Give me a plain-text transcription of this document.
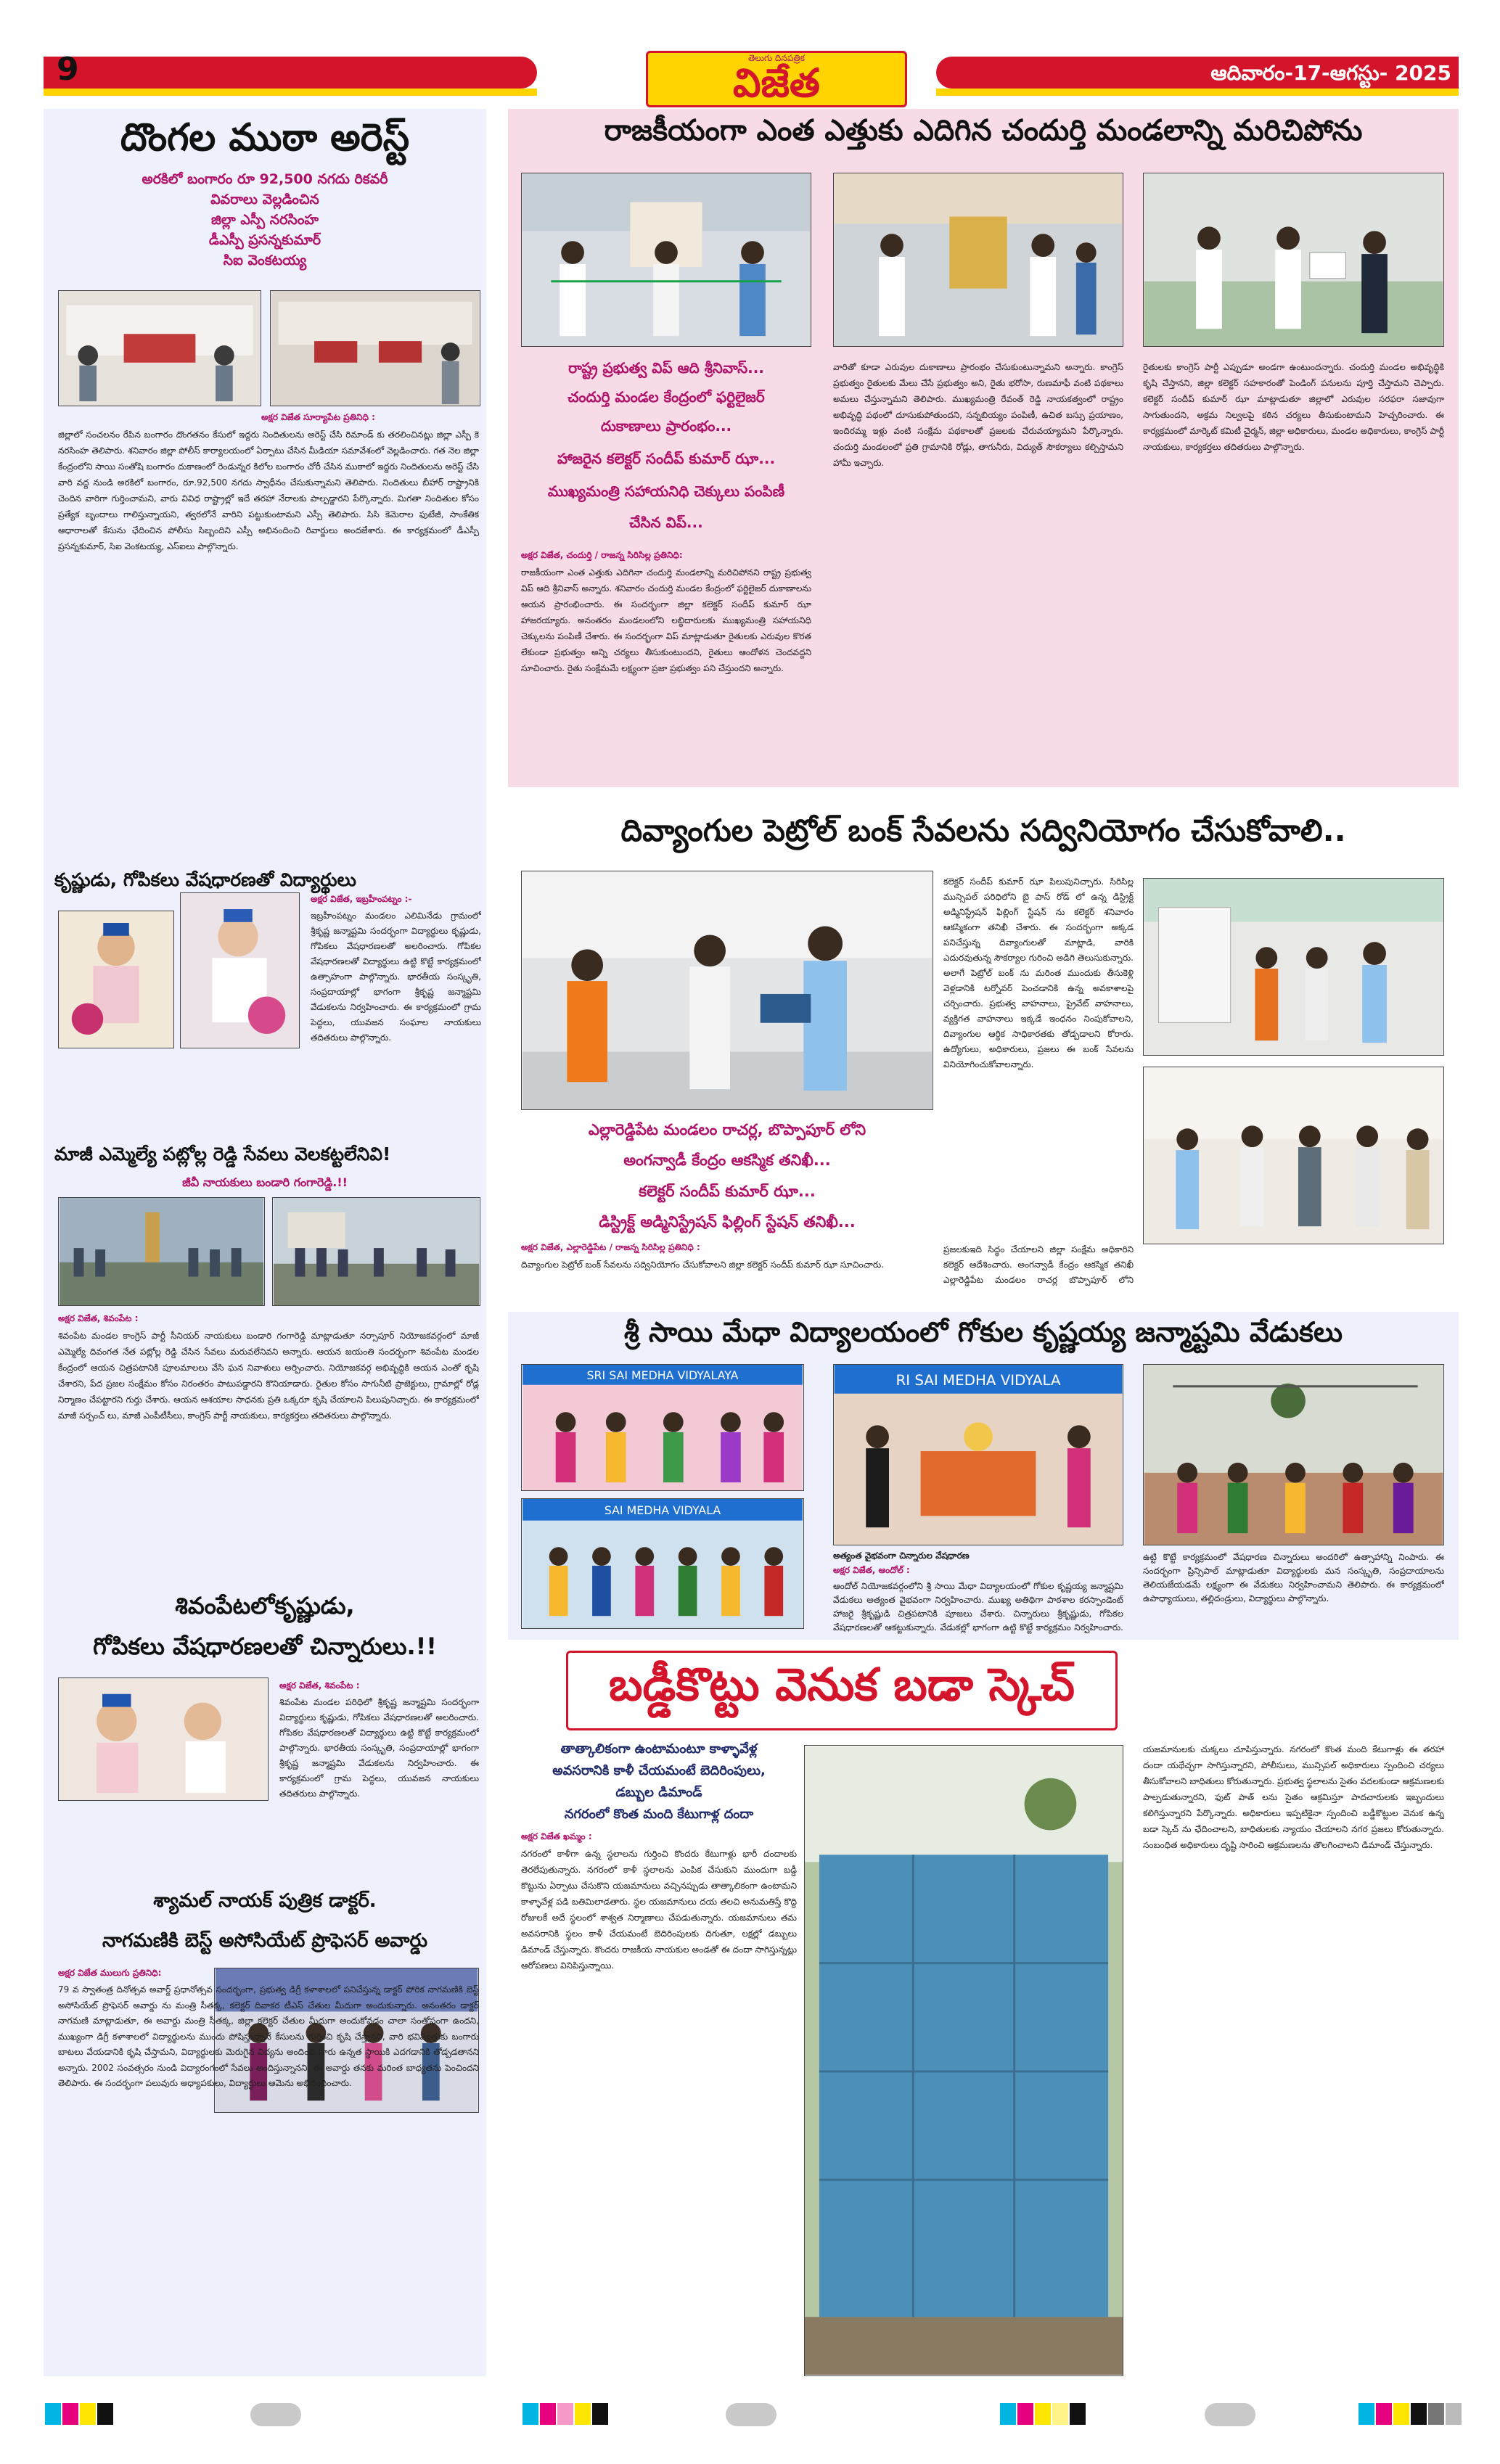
9	తెలుగు దినపత్రిక
విజేత	ఆదివారం-17-ఆగస్టు- 2025
దొంగల ముఠా అరెస్ట్
అరకిలో బంగారం రూ 92,500 నగదు రికవరీ
వివరాలు వెల్లడించిన
జిల్లా ఎస్పీ నరసింహ
డీఎస్పీ ప్రసన్నకుమార్
సిఐ వెంకటయ్య
అక్షర విజేత సూర్యాపేట ప్రతినిధి :
జిల్లాలో సంచలనం రేపిన బంగారం దొంగతనం కేసులో ఇద్దరు నిందితులను అరెస్ట్ చేసి రిమాండ్ కు తరలించినట్లు జిల్లా ఎస్పీ కె నరసింహ తెలిపారు. శనివారం జిల్లా పోలీస్ కార్యాలయంలో ఏర్పాటు చేసిన మీడియా సమావేశంలో వెల్లడించారు. గత నెల జిల్లా కేంద్రంలోని సాయి సంతోషి బంగారం దుకాణంలో రెండున్నర కిలోల బంగారం చోరీ చేసిన ముఠాలో ఇద్దరు నిందితులను అరెస్ట్ చేసి వారి వద్ద నుండి అరకిలో బంగారం, రూ.92,500 నగదు స్వాధీనం చేసుకున్నామని తెలిపారు. నిందితులు బీహార్ రాష్ట్రానికి చెందిన వారిగా గుర్తించామని, వారు వివిధ రాష్ట్రాల్లో ఇదే తరహా నేరాలకు పాల్పడ్డారని పేర్కొన్నారు. మిగతా నిందితుల కోసం ప్రత్యేక బృందాలు గాలిస్తున్నాయని, త్వరలోనే వారిని పట్టుకుంటామని ఎస్పీ తెలిపారు. సిసి కెమెరాల ఫుటేజీ, సాంకేతిక ఆధారాలతో కేసును ఛేదించిన పోలీసు సిబ్బందిని ఎస్పీ అభినందించి రివార్డులు అందజేశారు. ఈ కార్యక్రమంలో డీఎస్పీ ప్రసన్నకుమార్, సిఐ వెంకటయ్య, ఎస్ఐలు పాల్గొన్నారు.
కృష్ణుడు, గోపికలు వేషధారణతో విద్యార్థులు
అక్షర విజేత, ఇబ్రహీంపట్నం :-
ఇబ్రహీంపట్నం మండలం ఎలిమినేడు గ్రామంలో శ్రీకృష్ణ జన్మాష్టమి సందర్భంగా విద్యార్థులు కృష్ణుడు, గోపికలు వేషధారణలతో అలరించారు. గోపికల వేషధారణలతో విద్యార్థులు ఉట్టి కొట్టే కార్యక్రమంలో ఉత్సాహంగా పాల్గొన్నారు. భారతీయ సంస్కృతి, సంప్రదాయాల్లో భాగంగా శ్రీకృష్ణ జన్మాష్టమి వేడుకలను నిర్వహించారు. ఈ కార్యక్రమంలో గ్రామ పెద్దలు, యువజన సంఘాల నాయకులు తదితరులు పాల్గొన్నారు.
మాజీ ఎమ్మెల్యే పట్లోల్ల రెడ్డి సేవలు వెలకట్టలేనివి!
జీవీ నాయకులు బండారి గంగారెడ్డి.!!
అక్షర విజేత, శివంపేట :
శివంపేట మండల కాంగ్రెస్ పార్టీ సీనియర్ నాయకులు బండారి గంగారెడ్డి మాట్లాడుతూ నర్సాపూర్ నియోజకవర్గంలో మాజీ ఎమ్మెల్యే దివంగత నేత పట్లోల్ల రెడ్డి చేసిన సేవలు మరువలేనివని అన్నారు. ఆయన జయంతి సందర్భంగా శివంపేట మండల కేంద్రంలో ఆయన చిత్రపటానికి పూలమాలలు వేసి ఘన నివాళులు అర్పించారు. నియోజకవర్గ అభివృద్ధికి ఆయన ఎంతో కృషి చేశారని, పేద ప్రజల సంక్షేమం కోసం నిరంతరం పాటుపడ్డారని కొనియాడారు. రైతుల కోసం సాగునీటి ప్రాజెక్టులు, గ్రామాల్లో రోడ్ల నిర్మాణం చేపట్టారని గుర్తు చేశారు. ఆయన ఆశయాల సాధనకు ప్రతి ఒక్కరూ కృషి చేయాలని పిలుపునిచ్చారు. ఈ కార్యక్రమంలో మాజీ సర్పంచ్ లు, మాజీ ఎంపీటీసీలు, కాంగ్రెస్ పార్టీ నాయకులు, కార్యకర్తలు తదితరులు పాల్గొన్నారు.
శివంపేటలోకృష్ణుడు,
గోపికలు వేషధారణలతో చిన్నారులు.!!
అక్షర విజేత, శివంపేట :
శివంపేట మండల పరిధిలో శ్రీకృష్ణ జన్మాష్టమి సందర్భంగా విద్యార్థులు కృష్ణుడు, గోపికలు వేషధారణలతో అలరించారు. గోపికల వేషధారణలతో విద్యార్థులు ఉట్టి కొట్టే కార్యక్రమంలో పాల్గొన్నారు. భారతీయ సంస్కృతి, సంప్రదాయాల్లో భాగంగా శ్రీకృష్ణ జన్మాష్టమి వేడుకలను నిర్వహించారు. ఈ కార్యక్రమంలో గ్రామ పెద్దలు, యువజన నాయకులు తదితరులు పాల్గొన్నారు.
శ్యామల్ నాయక్ పుత్రిక డాక్టర్.
నాగమణికి బెస్ట్ అసోసియేట్ ప్రొఫెసర్ అవార్డు
అక్షర విజేత ములుగు ప్రతినిధి:
79 వ స్వాతంత్ర దినోత్సవ అవార్డ్ ప్రధానోత్సవ సందర్భంగా, ప్రభుత్వ డిగ్రీ కళాశాలలో పనిచేస్తున్న డాక్టర్ పోరిక నాగమణికి బెస్ట్ అసోసియేట్ ప్రొఫెసర్ అవార్డు ను మంత్రి సీతక్క, కలెక్టర్ దివాకర టీఎస్ చేతుల మీదుగా అందుకున్నారు. అనంతరం డాక్టర్ నాగమణి మాట్లాడుతూ, ఈ అవార్డు మంత్రి సీతక్క, జిల్లా కలెక్టర్ చేతుల మీదుగా అందుకోవడం చాలా సంతోషంగా ఉందని, ముఖ్యంగా డిగ్రీ కళాశాలలో విద్యార్థులను ముందు పోషిస్తున్నానే కేసులను గుర్తించి కృషి చేస్తానని, వారి భవిష్యత్తుకు బంగారు బాటలు వేయడానికి కృషి చేస్తామని, విద్యార్థులకు మెరుగైన విద్యను అందించి వారు ఉన్నత స్థాయికి ఎదగడానికి తోడ్పడతానని అన్నారు. 2002 సంవత్సరం నుండి విద్యారంగంలో సేవలు అందిస్తున్నానని, ఈ అవార్డు తనకు మరింత బాధ్యతను పెంచిందని తెలిపారు. ఈ సందర్భంగా పలువురు అధ్యాపకులు, విద్యార్థులు ఆమెను అభినందించారు.
రాజకీయంగా ఎంత ఎత్తుకు ఎదిగిన చందుర్తి మండలాన్ని మరిచిపోను
రాష్ట్ర ప్రభుత్వ విప్ ఆది శ్రీనివాస్...
చందుర్తి మండల కేంద్రంలో ఫర్టిలైజర్
దుకాణాలు ప్రారంభం...
హాజరైన కలెక్టర్ సందీప్ కుమార్ ఝా...
ముఖ్యమంత్రి సహాయనిధి చెక్కులు పంపిణీ
చేసిన విప్...
అక్షర విజేత, చందుర్తి / రాజన్న సిరిసిల్ల ప్రతినిధి:
రాజకీయంగా ఎంత ఎత్తుకు ఎదిగినా చందుర్తి మండలాన్ని మరిచిపోనని రాష్ట్ర ప్రభుత్వ విప్ ఆది శ్రీనివాస్ అన్నారు. శనివారం చందుర్తి మండల కేంద్రంలో ఫర్టిలైజర్ దుకాణాలను ఆయన ప్రారంభించారు. ఈ సందర్భంగా జిల్లా కలెక్టర్ సందీప్ కుమార్ ఝా హాజరయ్యారు. అనంతరం మండలంలోని లబ్ధిదారులకు ముఖ్యమంత్రి సహాయనిధి చెక్కులను పంపిణీ చేశారు. ఈ సందర్భంగా విప్ మాట్లాడుతూ రైతులకు ఎరువుల కొరత లేకుండా ప్రభుత్వం అన్ని చర్యలు తీసుకుంటుందని, రైతులు ఆందోళన చెందవద్దని సూచించారు. రైతు సంక్షేమమే లక్ష్యంగా ప్రజా ప్రభుత్వం పని చేస్తుందని అన్నారు.
వారితో కూడా ఎరువుల దుకాణాలు ప్రారంభం చేసుకుంటున్నామని అన్నారు. కాంగ్రెస్ ప్రభుత్వం రైతులకు మేలు చేసే ప్రభుత్వం అని, రైతు భరోసా, రుణమాఫీ వంటి పథకాలు అమలు చేస్తున్నామని తెలిపారు. ముఖ్యమంత్రి రేవంత్ రెడ్డి నాయకత్వంలో రాష్ట్రం అభివృద్ధి పథంలో దూసుకుపోతుందని, సన్నబియ్యం పంపిణీ, ఉచిత బస్సు ప్రయాణం, ఇందిరమ్మ ఇళ్లు వంటి సంక్షేమ పథకాలతో ప్రజలకు చేరువయ్యామని పేర్కొన్నారు. చందుర్తి మండలంలో ప్రతి గ్రామానికి రోడ్లు, తాగునీరు, విద్యుత్ సౌకర్యాలు కల్పిస్తామని హామీ ఇచ్చారు.
రైతులకు కాంగ్రెస్ పార్టీ ఎప్పుడూ అండగా ఉంటుందన్నారు. చందుర్తి మండల అభివృద్ధికి కృషి చేస్తానని, జిల్లా కలెక్టర్ సహకారంతో పెండింగ్ పనులను పూర్తి చేస్తామని చెప్పారు. కలెక్టర్ సందీప్ కుమార్ ఝా మాట్లాడుతూ జిల్లాలో ఎరువుల సరఫరా సజావుగా సాగుతుందని, అక్రమ నిల్వలపై కఠిన చర్యలు తీసుకుంటామని హెచ్చరించారు. ఈ కార్యక్రమంలో మార్కెట్ కమిటీ చైర్మన్, జిల్లా అధికారులు, మండల అధికారులు, కాంగ్రెస్ పార్టీ నాయకులు, కార్యకర్తలు తదితరులు పాల్గొన్నారు.
దివ్యాంగుల పెట్రోల్ బంక్ సేవలను సద్వినియోగం చేసుకోవాలి..
ఎల్లారెడ్డిపేట మండలం రాచర్ల, బొప్పాపూర్ లోని
అంగన్వాడీ కేంద్రం ఆకస్మిక తనిఖీ...
కలెక్టర్ సందీప్ కుమార్ ఝా...
డిస్ట్రిక్ట్ అడ్మినిస్ట్రేషన్ ఫిల్లింగ్ స్టేషన్ తనిఖీ...
అక్షర విజేత, ఎల్లారెడ్డిపేట / రాజన్న సిరిసిల్ల ప్రతినిధి :
దివ్యాంగుల పెట్రోల్ బంక్ సేవలను సద్వినియోగం చేసుకోవాలని జిల్లా కలెక్టర్ సందీప్ కుమార్ ఝా సూచించారు.
కలెక్టర్ సందీప్ కుమార్ ఝా పిలుపునిచ్చారు. సిరిసిల్ల మున్సిపల్ పరిధిలోని బై పాస్ రోడ్ లో ఉన్న డిస్ట్రిక్ట్ అడ్మినిస్ట్రేషన్ ఫిల్లింగ్ స్టేషన్ ను కలెక్టర్ శనివారం ఆకస్మికంగా తనిఖీ చేశారు. ఈ సందర్భంగా అక్కడ పనిచేస్తున్న దివ్యాంగులతో మాట్లాడి, వారికి ఎదురవుతున్న సౌకర్యాల గురించి అడిగి తెలుసుకున్నారు. అలాగే పెట్రోల్ బంక్ ను మరింత ముందుకు తీసుకెళ్లి వెళ్లడానికి టర్నోవర్ పెంచడానికి ఉన్న అవకాశాలపై చర్చించారు. ప్రభుత్వ వాహనాలు, ప్రైవేట్ వాహనాలు, వ్యక్తిగత వాహనాలు ఇక్కడే ఇంధనం నింపుకోవాలని, దివ్యాంగుల ఆర్థిక సాధికారతకు తోడ్పడాలని కోరారు. ఉద్యోగులు, అధికారులు, ప్రజలు ఈ బంక్ సేవలను వినియోగించుకోవాలన్నారు.
ప్రజలకుఇది సిద్ధం చేయాలని జిల్లా సంక్షేమ అధికారిని కలెక్టర్ ఆదేశించారు. అంగన్వాడీ కేంద్రం ఆకస్మిక తనిఖీ ఎల్లారెడ్డిపేట మండలం రాచర్ల బొప్పాపూర్ లోని
శ్రీ సాయి మేధా విద్యాలయంలో గోకుల కృష్ణయ్య జన్మాష్టమి వేడుకలు
SRI SAI MEDHA VIDYALAYA	RI SAI MEDHA VIDYALA
SAI MEDHA VIDYALA
అత్యంత వైభవంగా చిన్నారుల వేషధారణ
అక్షర విజేత, ఆందోల్ :
ఆందోల్ నియోజకవర్గంలోని శ్రీ సాయి మేధా విద్యాలయంలో గోకుల కృష్ణయ్య జన్మాష్టమి వేడుకలు అత్యంత వైభవంగా నిర్వహించారు. ముఖ్య అతిథిగా పాఠశాల కరస్పాండెంట్ హాజరై శ్రీకృష్ణుడి చిత్రపటానికి పూజలు చేశారు. చిన్నారులు శ్రీకృష్ణుడు, గోపికల వేషధారణలతో ఆకట్టుకున్నారు. వేడుకల్లో భాగంగా ఉట్టి కొట్టే కార్యక్రమం నిర్వహించారు.
ఉట్టి కొట్టే కార్యక్రమంలో వేషధారణ చిన్నారులు అందరిలో ఉత్సాహాన్ని నింపారు. ఈ సందర్భంగా ప్రిన్సిపాల్ మాట్లాడుతూ విద్యార్థులకు మన సంస్కృతి, సంప్రదాయాలను తెలియజేయడమే లక్ష్యంగా ఈ వేడుకలు నిర్వహించామని తెలిపారు. ఈ కార్యక్రమంలో ఉపాధ్యాయులు, తల్లిదండ్రులు, విద్యార్థులు పాల్గొన్నారు.
బడ్డీకొట్టు వెనుక బడా స్కెచ్
తాత్కాలికంగా ఉంటామంటూ కాళ్ళావేళ్ల
అవసరానికి కాళీ చేయమంటే బెదిరింపులు,
డబ్బుల డిమాండ్
నగరంలో కొంత మంది కేటుగాళ్ల దందా
అక్షర విజేత ఖమ్మం :
నగరంలో కాళీగా ఉన్న స్థలాలను గుర్తించి కొందరు కేటుగాళ్లు భారీ దందాలకు తెరలేపుతున్నారు. నగరంలో కాళీ స్థలాలను ఎంపిక చేసుకుని ముందుగా బడ్డీ కొట్టును ఏర్పాటు చేసుకొని యజమానులు వచ్చినప్పుడు తాత్కాలికంగా ఉంటామని కాళ్ళావేళ్ల పడి బతిమిలాడతారు. స్థల యజమానులు దయ తలచి అనుమతిస్తే కొద్ది రోజులకే అదే స్థలంలో శాశ్వత నిర్మాణాలు చేపడుతున్నారు. యజమానులు తమ అవసరానికి స్థలం కాళీ చేయమంటే బెదిరింపులకు దిగుతూ, లక్షల్లో డబ్బులు డిమాండ్ చేస్తున్నారు. కొందరు రాజకీయ నాయకుల అండతో ఈ దందా సాగిస్తున్నట్లు ఆరోపణలు వినిపిస్తున్నాయి.
యజమానులకు చుక్కలు చూపిస్తున్నారు. నగరంలో కొంత మంది కేటుగాళ్లు ఈ తరహా దందా యథేచ్ఛగా సాగిస్తున్నారని, పోలీసులు, మున్సిపల్ అధికారులు స్పందించి చర్యలు తీసుకోవాలని బాధితులు కోరుతున్నారు. ప్రభుత్వ స్థలాలను సైతం వదలకుండా ఆక్రమణలకు పాల్పడుతున్నారని, ఫుట్ పాత్ లను సైతం ఆక్రమిస్తూ పాదచారులకు ఇబ్బందులు కలిగిస్తున్నారని పేర్కొన్నారు. అధికారులు ఇప్పటికైనా స్పందించి బడ్డీకొట్టుల వెనుక ఉన్న బడా స్కెచ్ ను ఛేదించాలని, బాధితులకు న్యాయం చేయాలని నగర ప్రజలు కోరుతున్నారు. సంబంధిత అధికారులు దృష్టి సారించి ఆక్రమణలను తొలగించాలని డిమాండ్ చేస్తున్నారు.
